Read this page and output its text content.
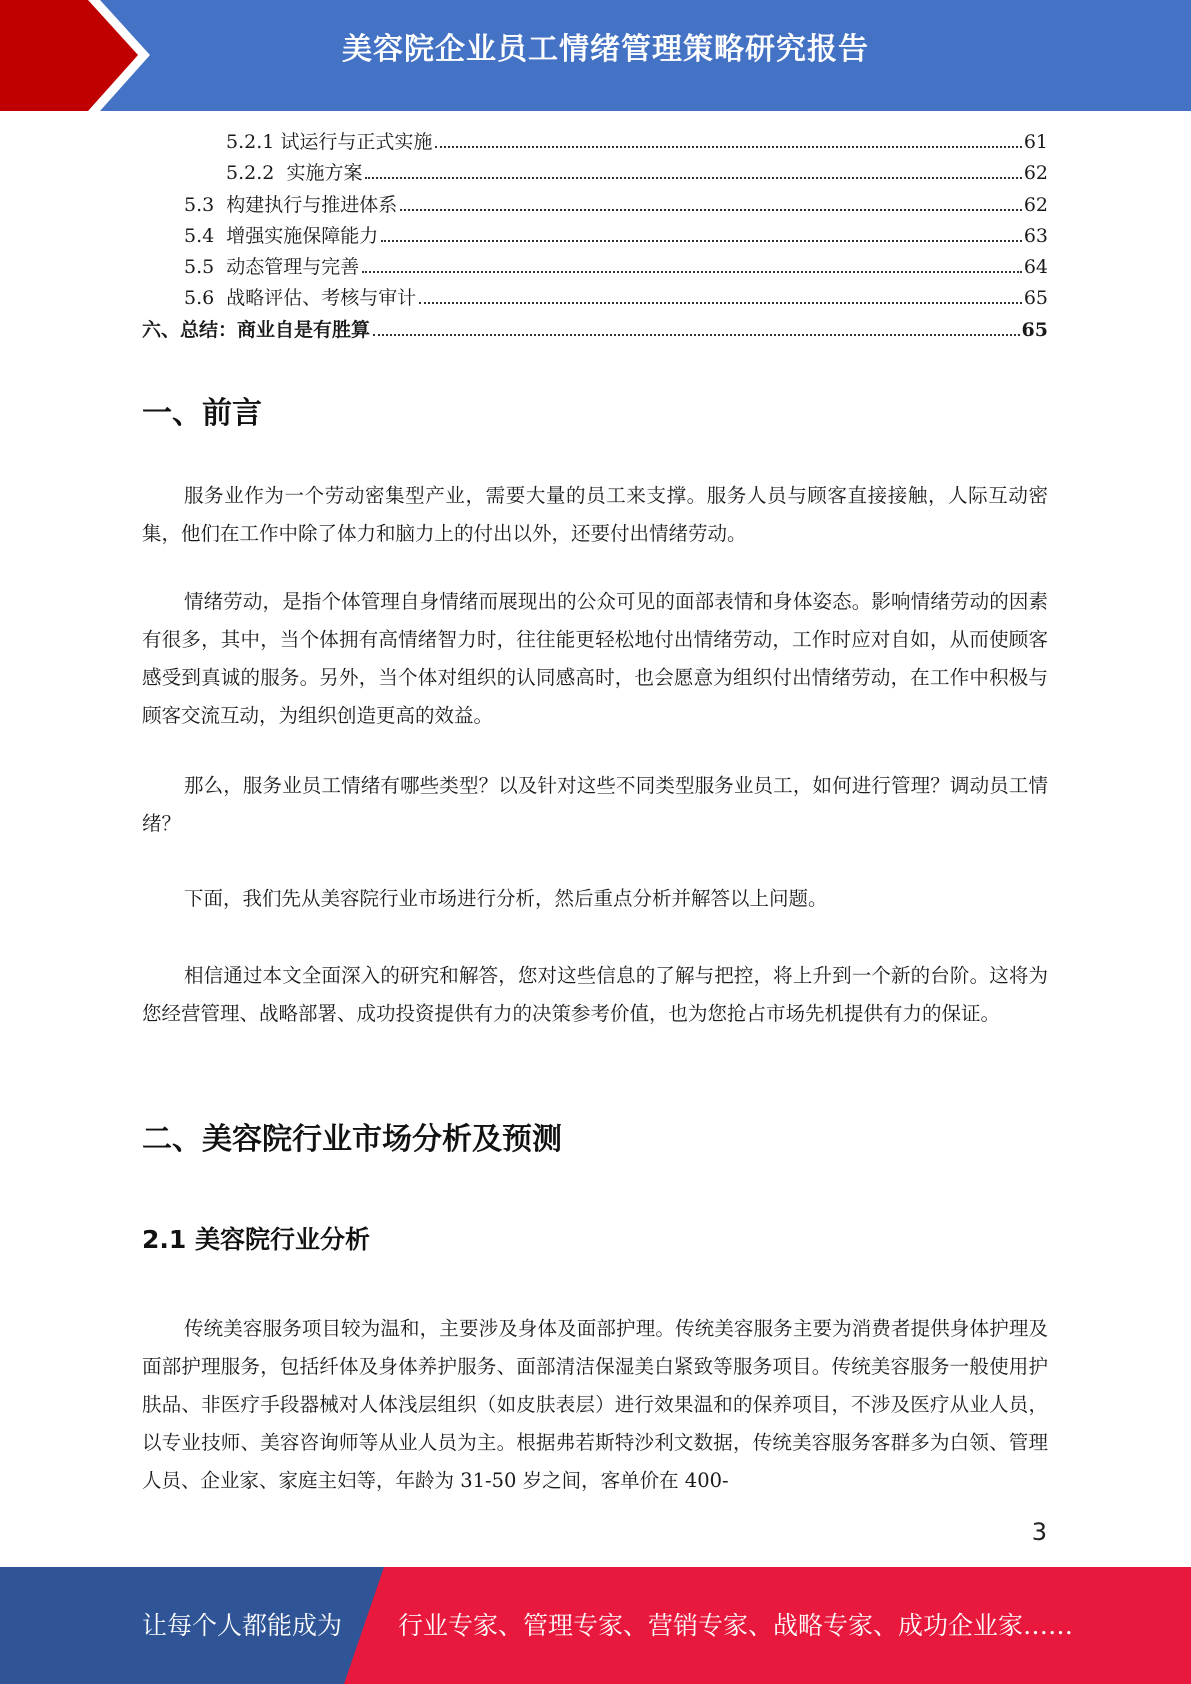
美容院企业员工情绪管理策略研究报告
5.2.1 试运行与正式实施	61
5.2.2 实施方案	62
5.3 构建执行与推进体系	62
5.4 增强实施保障能力	63
5.5 动态管理与完善	64
5.6 战略评估、考核与审计	65
六、总结：商业自是有胜算	65
一、前言

服务业作为一个劳动密集型产业，需要大量的员工来支撑。服务人员与顾客直接接触，人际互动密集，他们在工作中除了体力和脑力上的付出以外，还要付出情绪劳动。

情绪劳动，是指个体管理自身情绪而展现出的公众可见的面部表情和身体姿态。影响情绪劳动的因素有很多，其中，当个体拥有高情绪智力时，往往能更轻松地付出情绪劳动，工作时应对自如，从而使顾客感受到真诚的服务。另外，当个体对组织的认同感高时，也会愿意为组织付出情绪劳动，在工作中积极与顾客交流互动，为组织创造更高的效益。

那么，服务业员工情绪有哪些类型？以及针对这些不同类型服务业员工，如何进行管理？调动员工情绪？

下面，我们先从美容院行业市场进行分析，然后重点分析并解答以上问题。

相信通过本文全面深入的研究和解答，您对这些信息的了解与把控，将上升到一个新的台阶。这将为您经营管理、战略部署、成功投资提供有力的决策参考价值，也为您抢占市场先机提供有力的保证。

二、美容院行业市场分析及预测
2.1 美容院行业分析

传统美容服务项目较为温和，主要涉及身体及面部护理。传统美容服务主要为消费者提供身体护理及面部护理服务，包括纤体及身体养护服务、面部清洁保湿美白紧致等服务项目。传统美容服务一般使用护肤品、非医疗手段器械对人体浅层组织（如皮肤表层）进行效果温和的保养项目，不涉及医疗从业人员，以专业技师、美容咨询师等从业人员为主。根据弗若斯特沙利文数据，传统美容服务客群多为白领、管理人员、企业家、家庭主妇等，年龄为 31-50 岁之间，客单价在 400-

3
让每个人都能成为 行业专家、管理专家、营销专家、战略专家、成功企业家……
